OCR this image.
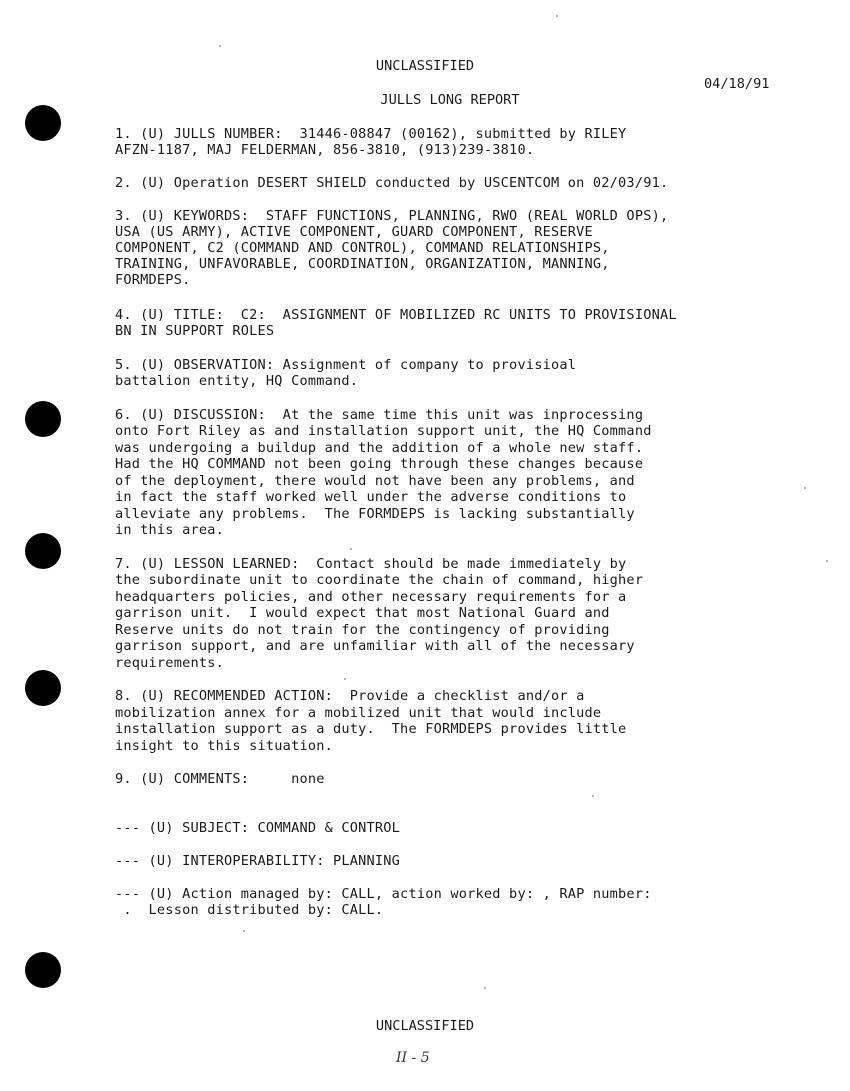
UNCLASSIFIED
04/18/91
JULLS LONG REPORT
1. (U) JULLS NUMBER:  31446-08847 (00162), submitted by RILEY
AFZN-1187, MAJ FELDERMAN, 856-3810, (913)239-3810.
2. (U) Operation DESERT SHIELD conducted by USCENTCOM on 02/03/91.
3. (U) KEYWORDS:  STAFF FUNCTIONS, PLANNING, RWO (REAL WORLD OPS),
USA (US ARMY), ACTIVE COMPONENT, GUARD COMPONENT, RESERVE
COMPONENT, C2 (COMMAND AND CONTROL), COMMAND RELATIONSHIPS,
TRAINING, UNFAVORABLE, COORDINATION, ORGANIZATION, MANNING,
FORMDEPS.
4. (U) TITLE:  C2:  ASSIGNMENT OF MOBILIZED RC UNITS TO PROVISIONAL
BN IN SUPPORT ROLES
5. (U) OBSERVATION: Assignment of company to provisioal
battalion entity, HQ Command.
6. (U) DISCUSSION:  At the same time this unit was inprocessing
onto Fort Riley as and installation support unit, the HQ Command
was undergoing a buildup and the addition of a whole new staff.
Had the HQ COMMAND not been going through these changes because
of the deployment, there would not have been any problems, and
in fact the staff worked well under the adverse conditions to
alleviate any problems.  The FORMDEPS is lacking substantially
in this area.
7. (U) LESSON LEARNED:  Contact should be made immediately by
the subordinate unit to coordinate the chain of command, higher
headquarters policies, and other necessary requirements for a
garrison unit.  I would expect that most National Guard and
Reserve units do not train for the contingency of providing
garrison support, and are unfamiliar with all of the necessary
requirements.
8. (U) RECOMMENDED ACTION:  Provide a checklist and/or a
mobilization annex for a mobilized unit that would include
installation support as a duty.  The FORMDEPS provides little
insight to this situation.
9. (U) COMMENTS:     none
--- (U) SUBJECT: COMMAND & CONTROL
--- (U) INTEROPERABILITY: PLANNING
--- (U) Action managed by: CALL, action worked by: , RAP number:
.  Lesson distributed by: CALL.
UNCLASSIFIED
II - 5
